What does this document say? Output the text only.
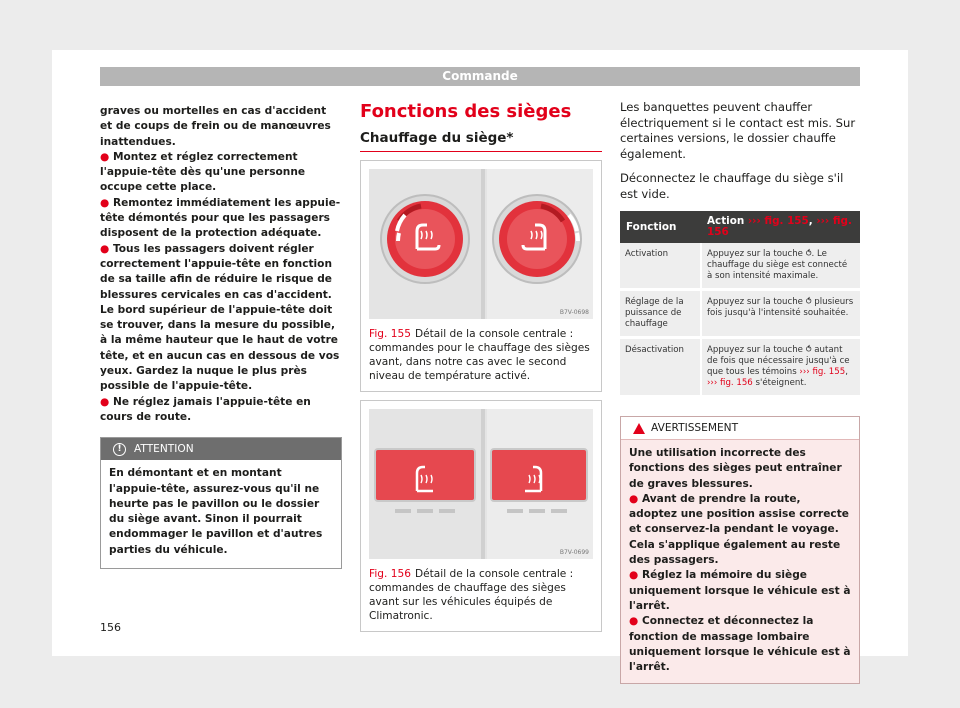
Commande

graves ou mortelles en cas d'accident et de coups de frein ou de manœuvres inattendues.

● Montez et réglez correctement l'appuie-tête dès qu'une personne occupe cette place.

● Remontez immédiatement les appuie-tête démontés pour que les passagers disposent de la protection adéquate.

● Tous les passagers doivent régler correctement l'appuie-tête en fonction de sa taille afin de réduire le risque de blessures cervicales en cas d'accident. Le bord supérieur de l'appuie-tête doit se trouver, dans la mesure du possible, à la même hauteur que le haut de votre tête, et en aucun cas en dessous de vos yeux. Gardez la nuque le plus près possible de l'appuie-tête.

● Ne réglez jamais l'appuie-tête en cours de route.

!	ATTENTION
En démontant et en montant l'appuie-tête, assurez-vous qu'il ne heurte pas le pavillon ou le dossier du siège avant. Sinon il pourrait endommager le pavillon et d'autres parties du véhicule.
Fonctions des sièges
Chauffage du siège*
B7V-0698
Fig. 155 Détail de la console centrale : commandes pour le chauffage des sièges avant, dans notre cas avec le second niveau de température activé.
B7V-0699
Fig. 156 Détail de la console centrale : commandes de chauffage des sièges avant sur les véhicules équipés de Climatronic.

Les banquettes peuvent chauffer électriquement si le contact est mis. Sur certaines versions, le dossier chauffe également.

Déconnectez le chauffage du siège s'il est vide.

Fonction	Action ››› fig. 155, ››› fig. 156
Activation	Appuyez sur la touche ⥀. Le chauffage du siège est connecté à son intensité maximale.
Réglage de la puissance de chauffage	Appuyez sur la touche ⥀ plusieurs fois jusqu'à l'intensité souhaitée.
Désactivation	Appuyez sur la touche ⥀ autant de fois que nécessaire jusqu'à ce que tous les témoins ››› fig. 155,
››› fig. 156 s'éteignent.
AVERTISSEMENT

Une utilisation incorrecte des fonctions des sièges peut entraîner de graves blessures.

● Avant de prendre la route, adoptez une position assise correcte et conservez-la pendant le voyage. Cela s'applique également au reste des passagers.

● Réglez la mémoire du siège uniquement lorsque le véhicule est à l'arrêt.

● Connectez et déconnectez la fonction de massage lombaire uniquement lorsque le véhicule est à l'arrêt.

156
